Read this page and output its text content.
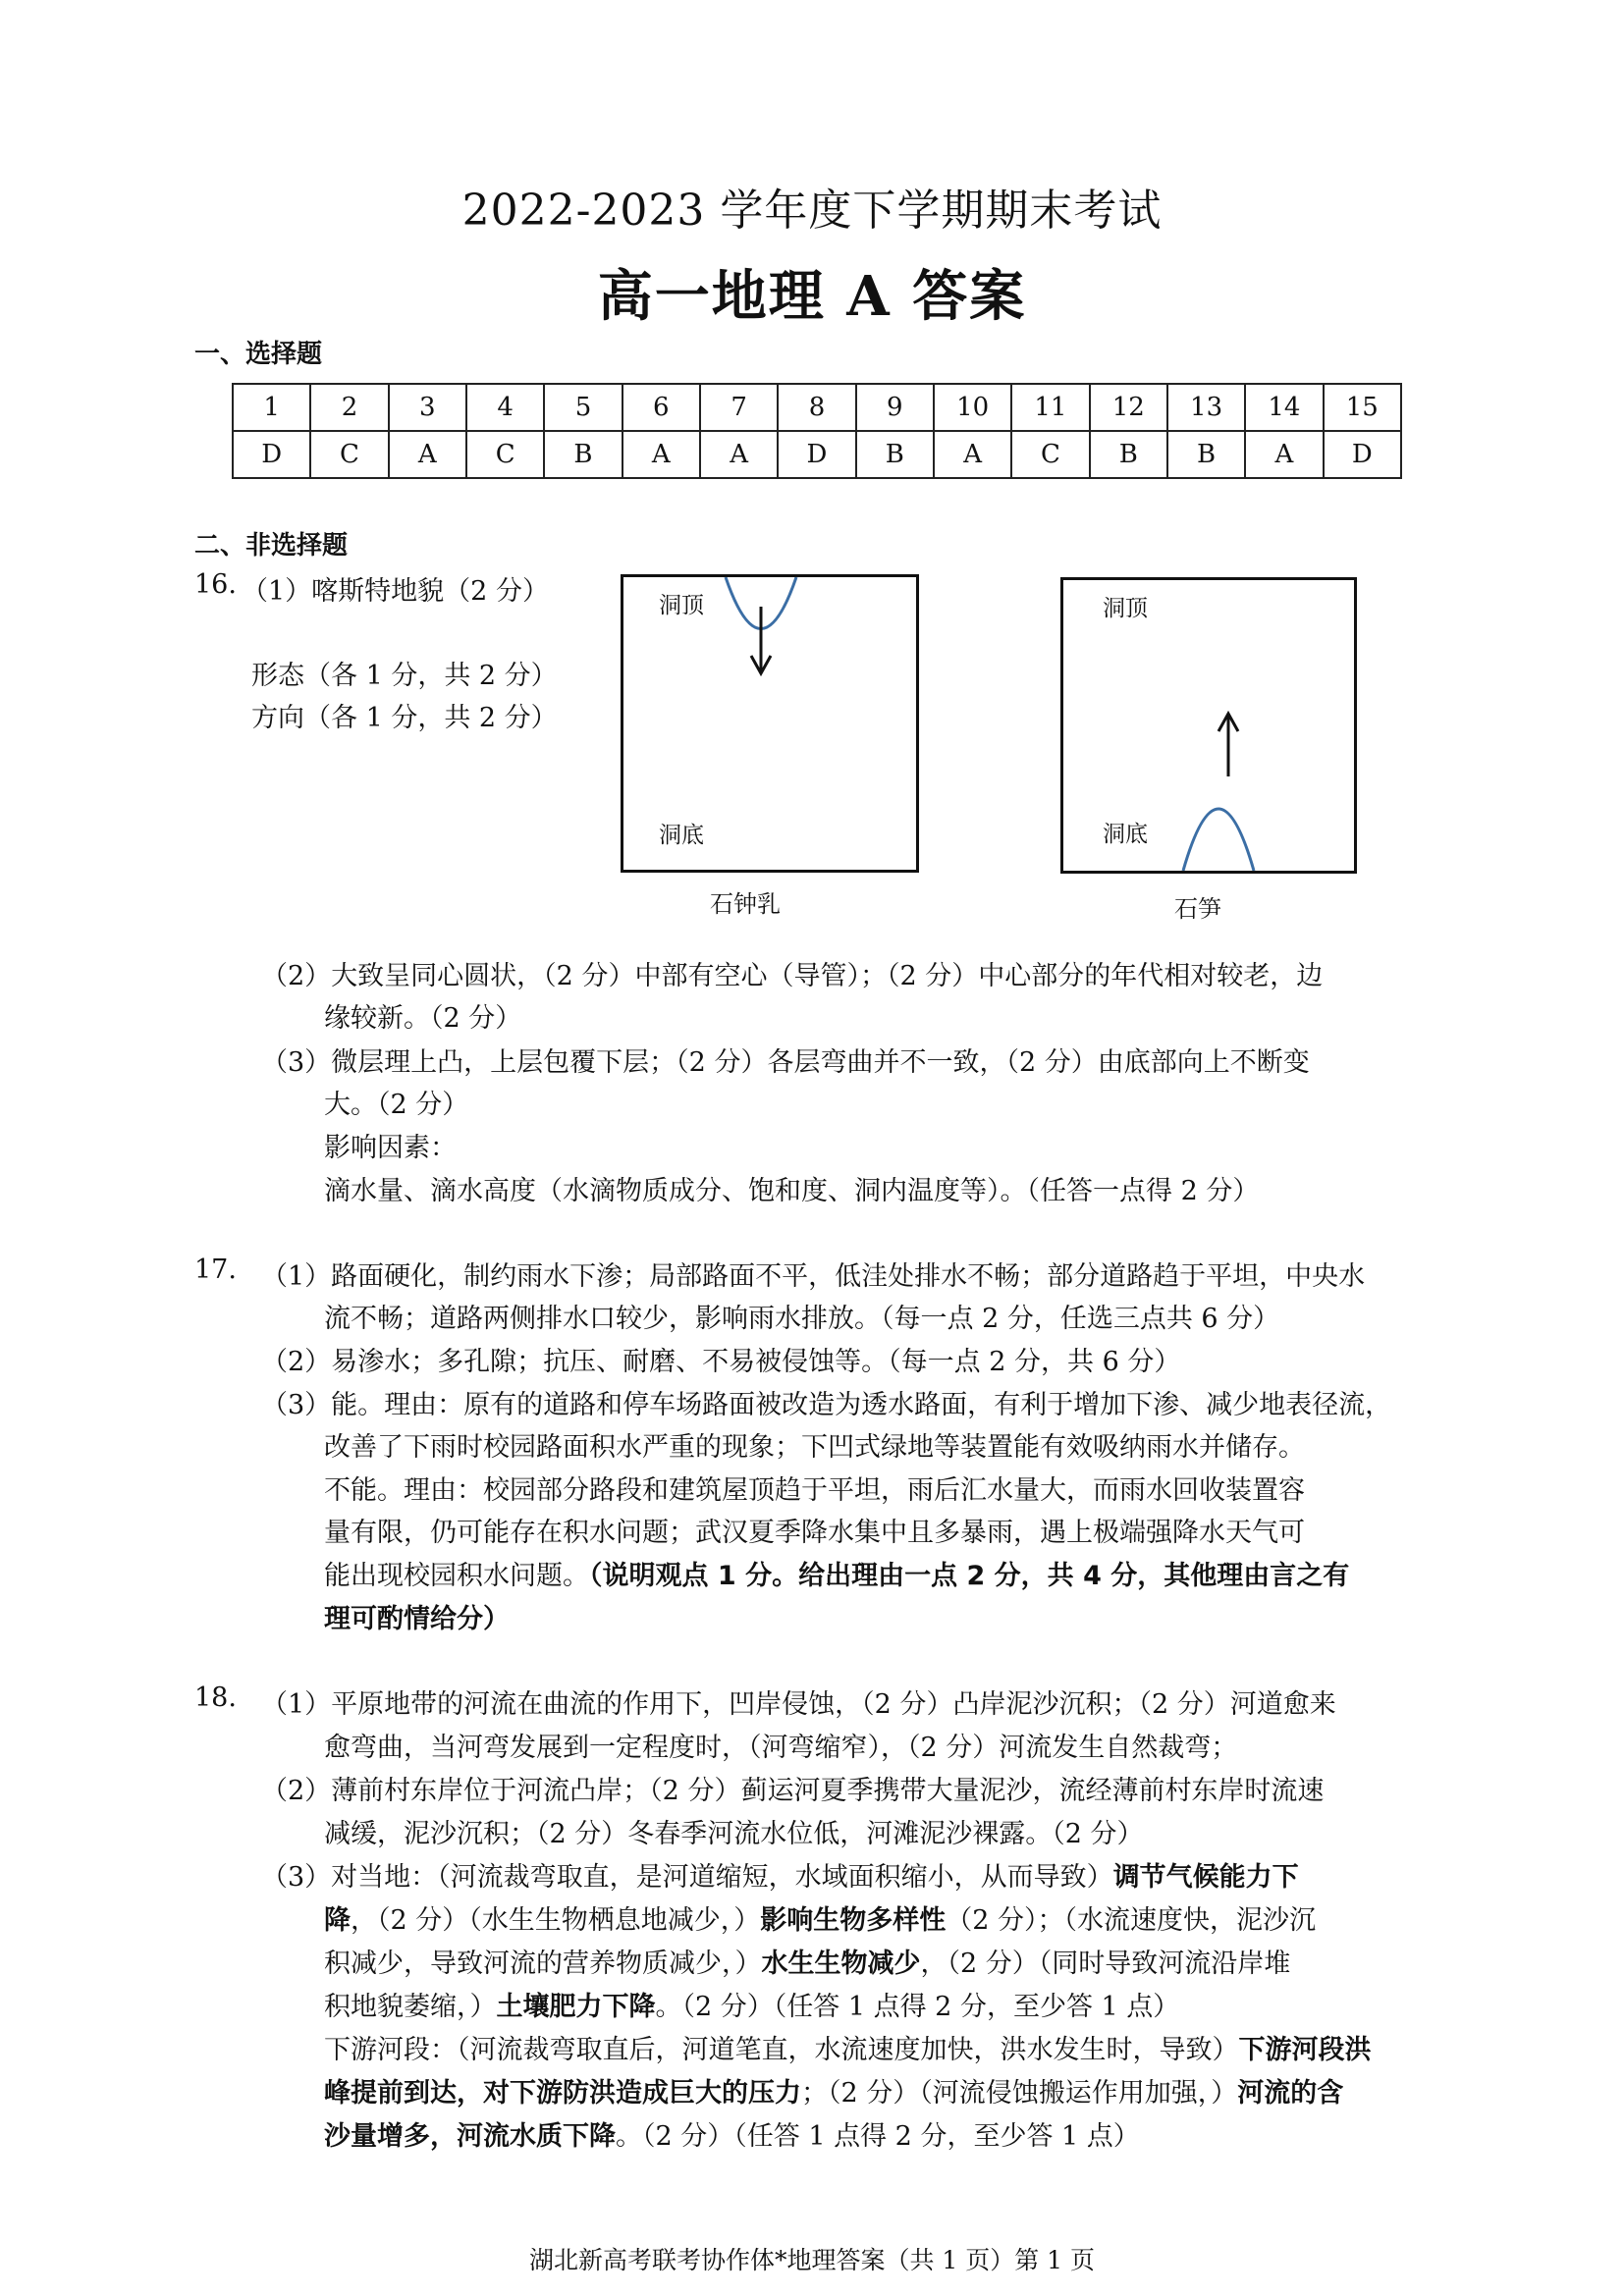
2022-2023 学年度下学期期末考试
高一地理 A 答案
一、选择题
1	2	3	4	5	6	7	8	9	10	11	12	13	14	15
D	C	A	C	B	A	A	D	B	A	C	B	B	A	D
二、非选择题
16. （1）喀斯特地貌（2 分）
形态（各 1 分，共 2 分）
方向（各 1 分，共 2 分）
洞顶
洞底
石钟乳
洞顶
洞底
石笋
（2）大致呈同心圆状，（2 分）中部有空心（导管）；（2 分）中心部分的年代相对较老，边
缘较新。（2 分）
（3）微层理上凸，上层包覆下层；（2 分）各层弯曲并不一致，（2 分）由底部向上不断变
大。（2 分）
影响因素：
滴水量、滴水高度（水滴物质成分、饱和度、洞内温度等）。（任答一点得 2 分）
17. （1）路面硬化，制约雨水下渗；局部路面不平，低洼处排水不畅；部分道路趋于平坦，中央水
流不畅；道路两侧排水口较少，影响雨水排放。（每一点 2 分，任选三点共 6 分）
（2）易渗水；多孔隙；抗压、耐磨、不易被侵蚀等。（每一点 2 分，共 6 分）
（3）能。理由：原有的道路和停车场路面被改造为透水路面，有利于增加下渗、减少地表径流，
改善了下雨时校园路面积水严重的现象；下凹式绿地等装置能有效吸纳雨水并储存。
不能。理由：校园部分路段和建筑屋顶趋于平坦，雨后汇水量大，而雨水回收装置容
量有限，仍可能存在积水问题；武汉夏季降水集中且多暴雨，遇上极端强降水天气可
能出现校园积水问题。（说明观点 1 分。给出理由一点 2 分，共 4 分，其他理由言之有
理可酌情给分）
18. （1）平原地带的河流在曲流的作用下，凹岸侵蚀，（2 分）凸岸泥沙沉积；（2 分）河道愈来
愈弯曲，当河弯发展到一定程度时，（河弯缩窄），（2 分）河流发生自然裁弯；
（2）薄前村东岸位于河流凸岸；（2 分）蓟运河夏季携带大量泥沙，流经薄前村东岸时流速
减缓，泥沙沉积；（2 分）冬春季河流水位低，河滩泥沙裸露。（2 分）
（3）对当地：（河流裁弯取直，是河道缩短，水域面积缩小，从而导致）调节气候能力下
降，（2 分）（水生生物栖息地减少，）影响生物多样性（2 分）；（水流速度快，泥沙沉
积减少，导致河流的营养物质减少，）水生生物减少，（2 分）（同时导致河流沿岸堆
积地貌萎缩，）土壤肥力下降。（2 分）（任答 1 点得 2 分，至少答 1 点）
下游河段：（河流裁弯取直后，河道笔直，水流速度加快，洪水发生时，导致）下游河段洪
峰提前到达，对下游防洪造成巨大的压力；（2 分）（河流侵蚀搬运作用加强，）河流的含
沙量增多，河流水质下降。（2 分）（任答 1 点得 2 分，至少答 1 点）
湖北新高考联考协作体*地理答案（共 1 页）第 1 页
